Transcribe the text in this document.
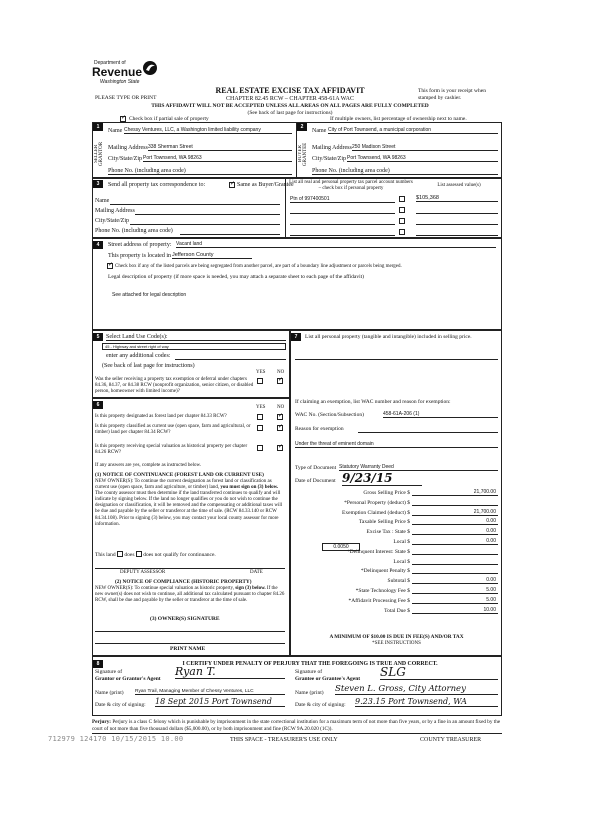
Department of
Revenue
Washington State
PLEASE TYPE OR PRINT
REAL ESTATE EXCISE TAX AFFIDAVIT
CHAPTER 82.45 RCW – CHAPTER 458-61A WAC
THIS AFFIDAVIT WILL NOT BE ACCEPTED UNLESS ALL AREAS ON ALL PAGES ARE FULLY COMPLETED
(See back of last page for instructions)
This form is your receipt when stamped by cashier.
✓
Check box if partial sale of property	If multiple owners, list percentage of ownership next to name.
1
SELLER GRANTOR
Name Chessy Ventures, LLC, a Washington limited liability company
Mailing Address 338 Sherman Street
City/State/Zip Port Townsend, WA 98263
Phone No. (including area code)
2
BUYER GRANTEE
Name City of Port Townsend, a municipal corporation
Mailing Address 250 Madison Street
City/State/Zip Port Townsend, WA 98263
Phone No. (including area code)
3	Send all property tax correspondence to: ✓	Same as Buyer/Grantee
Name
Mailing Address
City/State/Zip
Phone No. (including area code)
List all real and personal property tax parcel account numbers – check box if personal property
List assessed value(s)
Ptn of 997400501	$105,368
4	Street address of property: Vacant land
This property is located in Jefferson County
✓
Check box if any of the listed parcels are being segregated from another parcel, are part of a boundary line adjustment or parcels being merged.
Legal description of property (if more space is needed, you may attach a separate sheet to each page of the affidavit)
See attached for legal description
5	Select Land Use Code(s):
45 - Highway and street right of way
enter any additional codes:
(See back of last page for instructions)
YES NO
Was the seller receiving a property tax exemption or deferral under chapters 84.36, 84.37, or 84.38 RCW (nonprofit organization, senior citizen, or disabled person, homeowner with limited income)?
✓
6	YES NO
Is this property designated as forest land per chapter 84.33 RCW?
✓
Is this property classified as current use (open space, farm and agricultural, or timber) land per chapter 84.34 RCW?
✓
Is this property receiving special valuation as historical property per chapter 84.26 RCW?
✓
If any answers are yes, complete as instructed below.
(1) NOTICE OF CONTINUANCE (FOREST LAND OR CURRENT USE)
NEW OWNER(S): To continue the current designation as forest land or classification as current use (open space, farm and agriculture, or timber) land, you must sign on (3) below. The county assessor must then determine if the land transferred continues to qualify and will indicate by signing below. If the land no longer qualifies or you do not wish to continue the designation or classification, it will be removed and the compensating or additional taxes will be due and payable by the seller or transferor at the time of sale. (RCW 84.33.140 or RCW 84.34.108). Prior to signing (3) below, you may contact your local county assessor for more information.
This land does does not qualify for continuance.
DEPUTY ASSESSOR	DATE
(2) NOTICE OF COMPLIANCE (HISTORIC PROPERTY)
NEW OWNER(S): To continue special valuation as historic property, sign (3) below. If the new owner(s) does not wish to continue, all additional tax calculated pursuant to chapter 84.26 RCW, shall be due and payable by the seller or transferor at the time of sale.
(3) OWNER(S) SIGNATURE
PRINT NAME
7	List all personal property (tangible and intangible) included in selling price.
If claiming an exemption, list WAC number and reason for exemption:
WAC No. (Section/Subsection)	458-61A-206 (1)
Reason for exemption
Under the threat of eminent domain
Type of Document Statutory Warranty Deed
Date of Document 9/23/15
Gross Selling Price $	21,700.00
*Personal Property (deduct) $
Exemption Claimed (deduct) $	21,700.00
Taxable Selling Price $	0.00
Excise Tax : State $	0.00
Local $	0.00
*Delinquent Interest: State $
Local $
*Delinquent Penalty $
Subtotal $	0.00
*State Technology Fee $	5.00
*Affidavit Processing Fee $	5.00
Total Due $	10.00
0.0050
A MINIMUM OF $10.00 IS DUE IN FEE(S) AND/OR TAX
*SEE INSTRUCTIONS
8	I CERTIFY UNDER PENALTY OF PERJURY THAT THE FOREGOING IS TRUE AND CORRECT.
Signature of
Grantor or Grantor's Agent
Ryan T.
Name (print) Ryan Trail, Managing Member of Chessy Ventures, LLC
Date & city of signing: 18 Sept 2015 Port Townsend
Signature of
Grantee or Grantee's Agent SLG
Name (print) Steven L. Gross, City Attorney
Date & city of signing: 9.23.15 Port Townsend, WA
Perjury: Perjury is a class C felony which is punishable by imprisonment in the state correctional institution for a maximum term of not more than five years, or by a fine in an amount fixed by the court of not more than five thousand dollars ($5,000.00), or by both imprisonment and fine (RCW 9A.20.020 (1C)).
712979 124170 10/15/2015 10.00	THIS SPACE - TREASURER'S USE ONLY	COUNTY TREASURER
